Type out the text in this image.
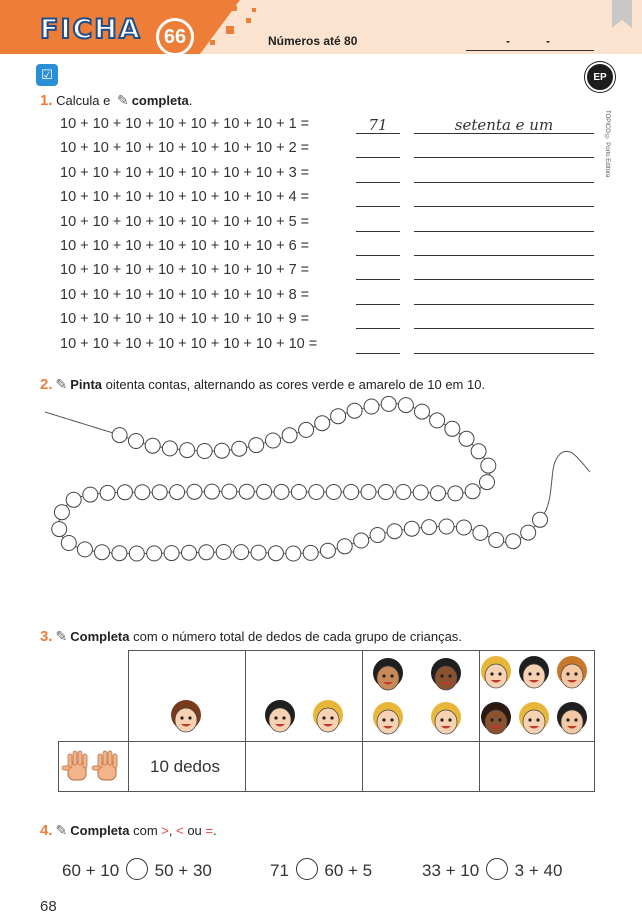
FICHA	66	Números até 80	-	-
☑	EP
TOPICO © Porto Editora
1. Calcula e ✎ completa.
10 + 10 + 10 + 10 + 10 + 10 + 10 + 1 =	71	setenta e um
10 + 10 + 10 + 10 + 10 + 10 + 10 + 2 =
10 + 10 + 10 + 10 + 10 + 10 + 10 + 3 =
10 + 10 + 10 + 10 + 10 + 10 + 10 + 4 =
10 + 10 + 10 + 10 + 10 + 10 + 10 + 5 =
10 + 10 + 10 + 10 + 10 + 10 + 10 + 6 =
10 + 10 + 10 + 10 + 10 + 10 + 10 + 7 =
10 + 10 + 10 + 10 + 10 + 10 + 10 + 8 =
10 + 10 + 10 + 10 + 10 + 10 + 10 + 9 =
10 + 10 + 10 + 10 + 10 + 10 + 10 + 10 =
2. ✎ Pinta oitenta contas, alternando as cores verde e amarelo de 10 em 10.
3. ✎ Completa com o número total de dedos de cada grupo de crianças.
10 dedos
4. ✎ Completa com >, < ou =.
60 + 10 50 + 30	71 60 + 5	33 + 10 3 + 40
68
